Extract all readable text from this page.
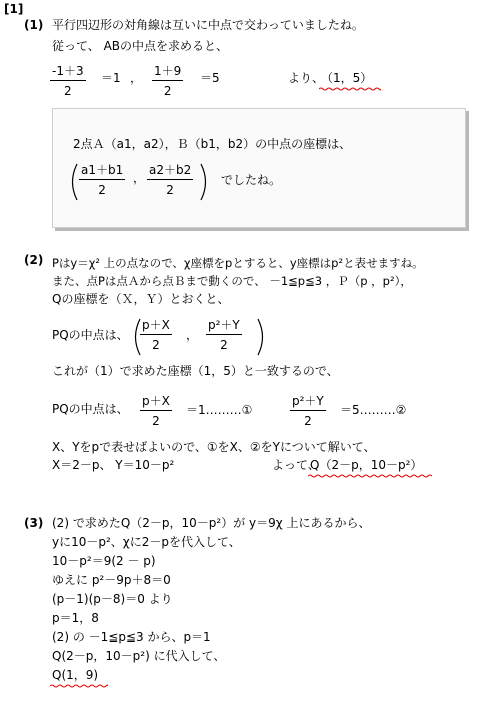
[1]
(1) 平行四辺形の対角線は互いに中点で交わっていましたね。
従って、 ABの中点を求めると、
-1＋3
2
＝1 ， 1＋9
2
＝5	より、
（1，5）
2点Ａ（a1，a2），Ｂ（b1，b2）の中点の座標は、
a1＋b1
2
，
a2＋b2
2
でしたね。
(2) Pはy＝χ² 上の点なので、χ座標をpとすると、y座標はp²と表せますね。
また、点Pは点Ａから点Ｂまで動くので、 －1≦p≦3 ，Ｐ（p ，p²），
Qの座標を（Ｘ，Ｙ）とおくと、
PQの中点は、
p＋X
2
，
p²＋Y
2
これが（1）で求めた座標（1，5）と一致するので、
PQの中点は、
p＋X
2
＝1………①
p²＋Y
2
＝5………②
X、Yをpで表せばよいので、①をX、②をYについて解いて、
X＝2－p、 Y＝10－p²	よって、
Q（2－p，10－p²）
(3) (2) で求めたQ（2－p，10－p²）が y＝9χ 上にあるから、
yに10－p²、χに2－pを代入して、
10－p²＝9(2 － p)
ゆえに p²－9p＋8＝0
(p－1)(p－8)＝0 より
p＝1，8
(2) の －1≦p≦3 から、p＝1
Q(2－p，10－p²) に代入して、
Q(1，9)
